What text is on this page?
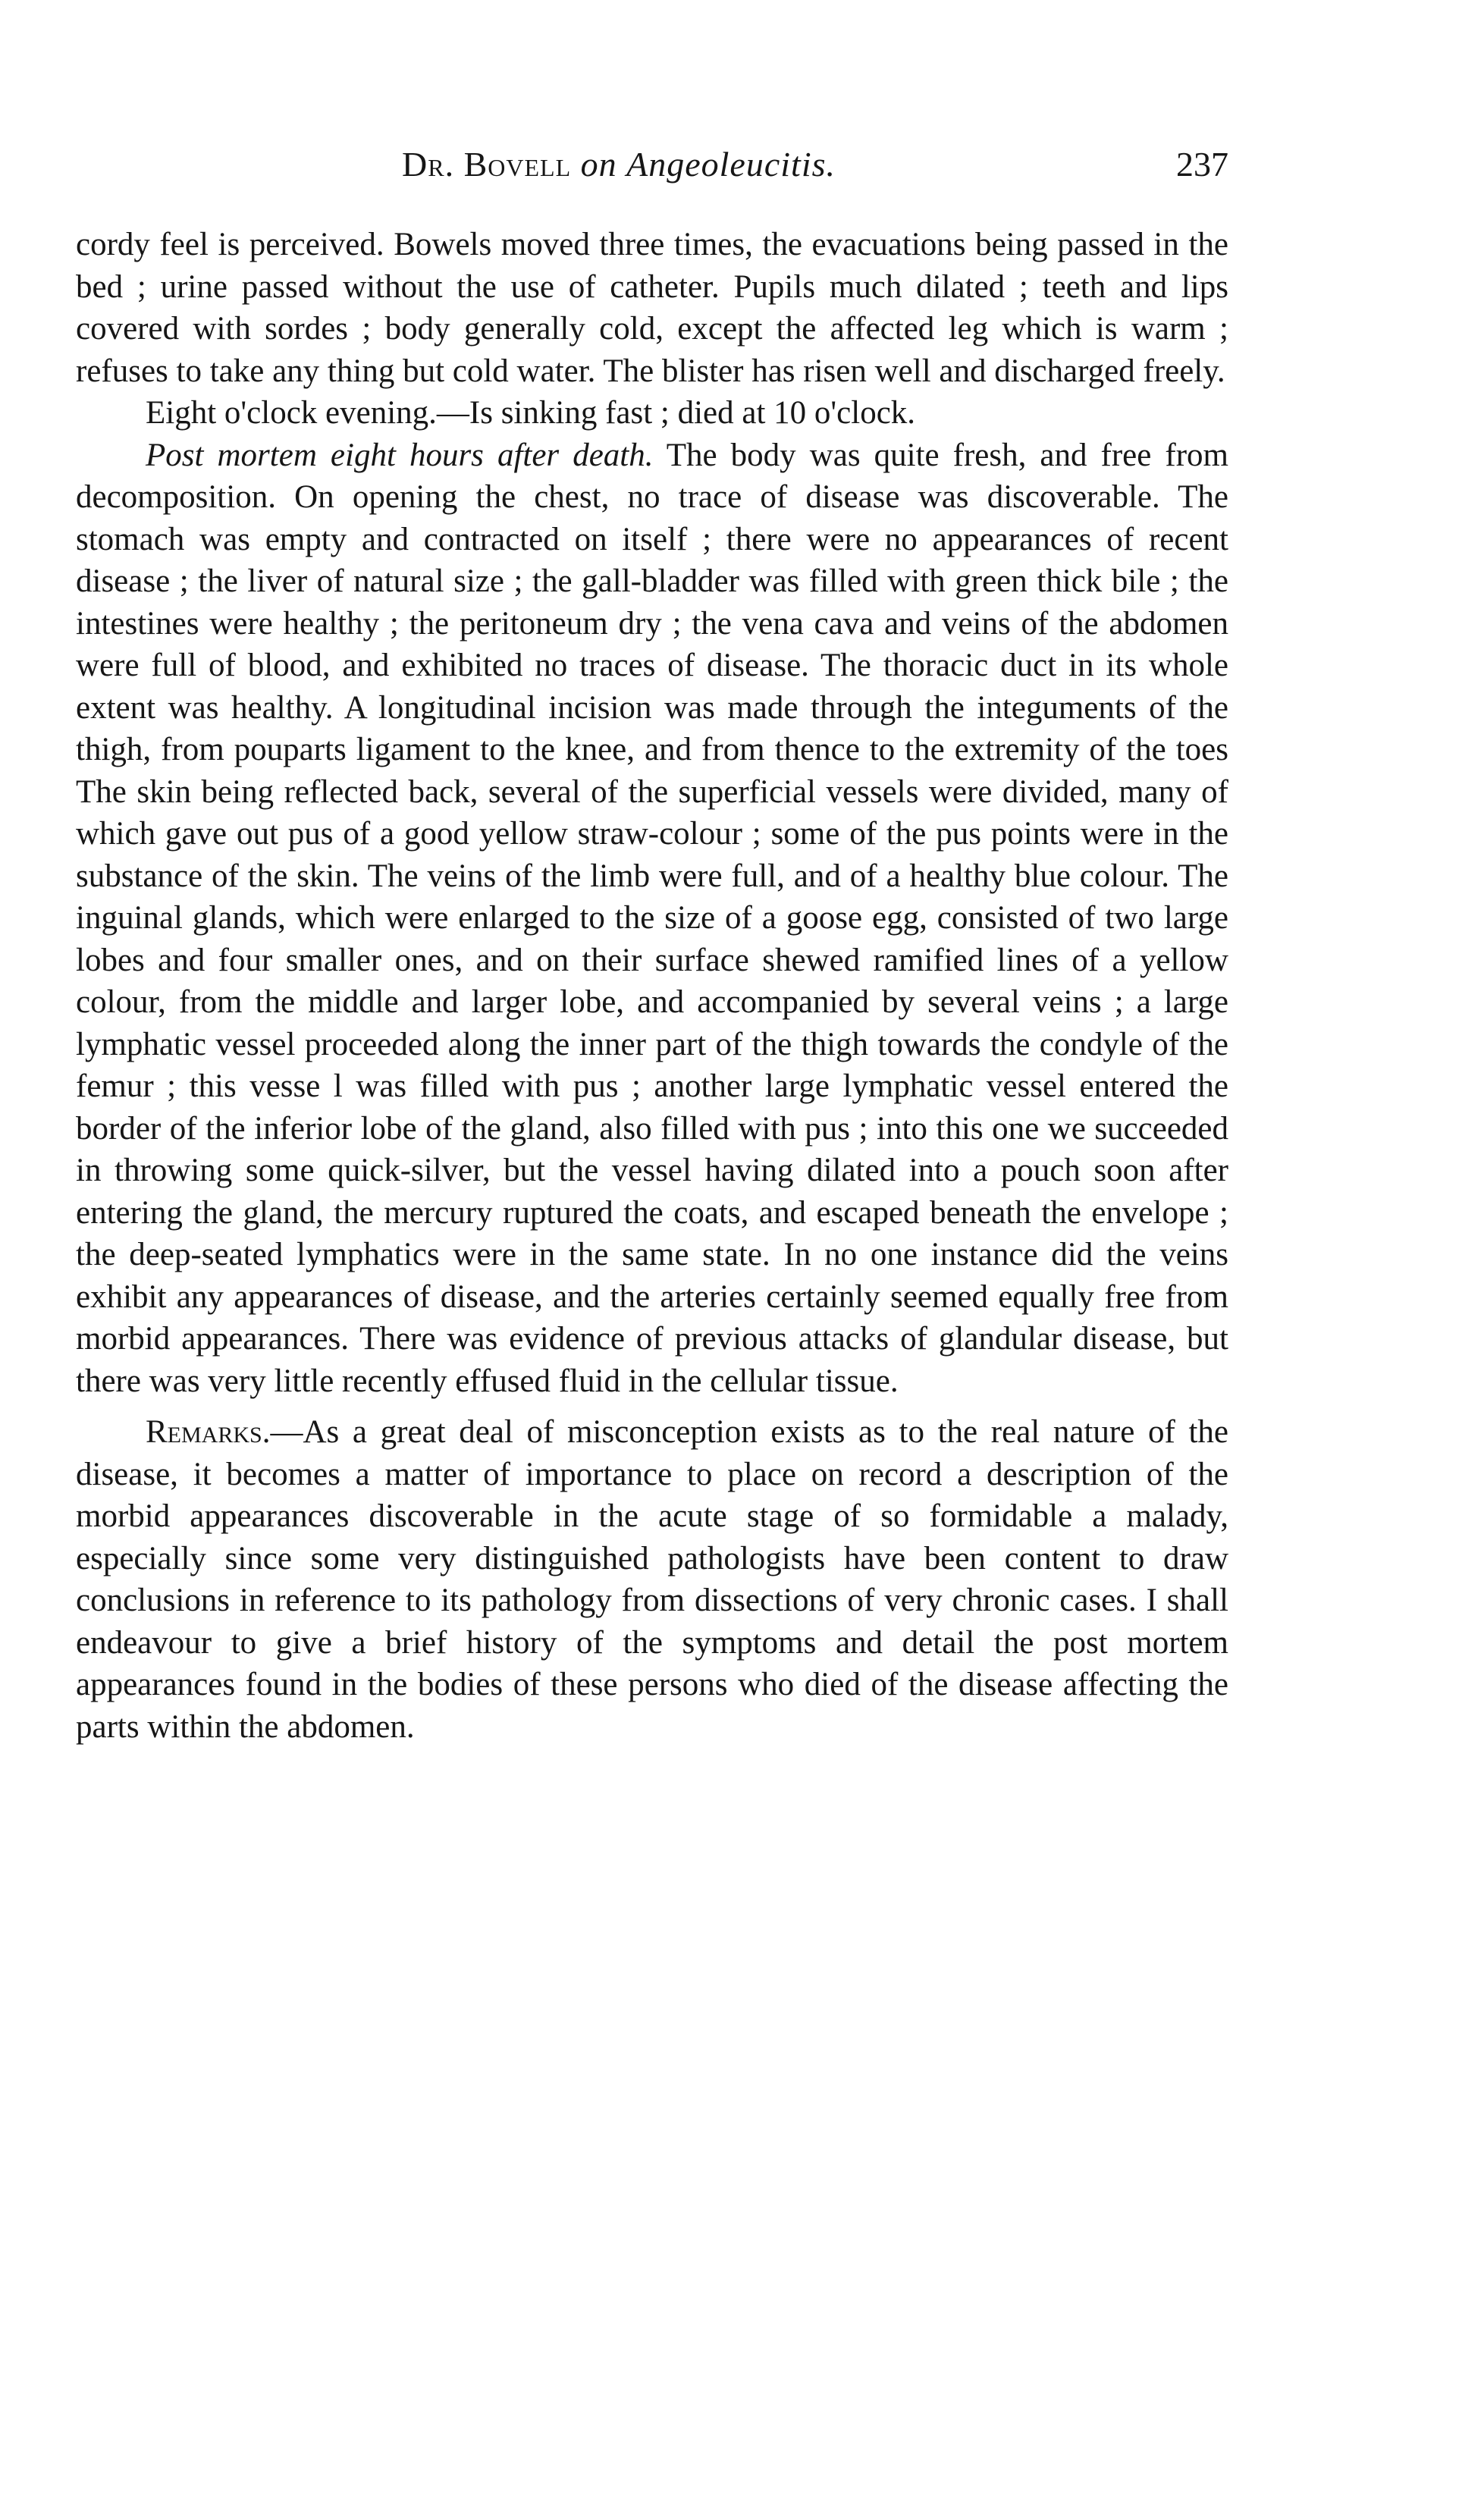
Dr. Bovell on Angeoleucitis.	237

cordy feel is perceived. Bowels moved three times, the evacuations being passed in the bed ; urine passed without the use of catheter. Pupils much dilated ; teeth and lips covered with sordes ; body generally cold, except the affected leg which is warm ; refuses to take any thing but cold water. The blister has risen well and discharged freely.

Eight o'clock evening.—Is sinking fast ; died at 10 o'clock.

Post mortem eight hours after death. The body was quite fresh, and free from decomposition. On opening the chest, no trace of disease was discoverable. The stomach was empty and contracted on itself ; there were no appearances of recent disease ; the liver of natural size ; the gall-bladder was filled with green thick bile ; the intestines were healthy ; the peritoneum dry ; the vena cava and veins of the abdomen were full of blood, and exhibited no traces of disease. The thoracic duct in its whole extent was healthy. A longitudinal incision was made through the integuments of the thigh, from pouparts ligament to the knee, and from thence to the extremity of the toes The skin being reflected back, several of the superficial vessels were divided, many of which gave out pus of a good yellow straw-colour ; some of the pus points were in the substance of the skin. The veins of the limb were full, and of a healthy blue colour. The inguinal glands, which were enlarged to the size of a goose egg, consisted of two large lobes and four smaller ones, and on their surface shewed ramified lines of a yellow colour, from the middle and larger lobe, and accompanied by several veins ; a large lymphatic vessel proceeded along the inner part of the thigh towards the condyle of the femur ; this vesse l was filled with pus ; another large lymphatic vessel entered the border of the inferior lobe of the gland, also filled with pus ; into this one we succeeded in throwing some quick-silver, but the vessel having dilated into a pouch soon after entering the gland, the mercury ruptured the coats, and escaped beneath the envelope ; the deep-seated lymphatics were in the same state. In no one instance did the veins exhibit any appearances of disease, and the arteries certainly seemed equally free from morbid appearances. There was evidence of previous attacks of glandular disease, but there was very little recently effused fluid in the cellular tissue.

Remarks.—As a great deal of misconception exists as to the real nature of the disease, it becomes a matter of importance to place on record a description of the morbid appearances discoverable in the acute stage of so formidable a malady, especially since some very distinguished pathologists have been content to draw conclusions in reference to its pathology from dissections of very chronic cases. I shall endeavour to give a brief history of the symptoms and detail the post mortem appearances found in the bodies of these persons who died of the disease affecting the parts within the abdomen.
